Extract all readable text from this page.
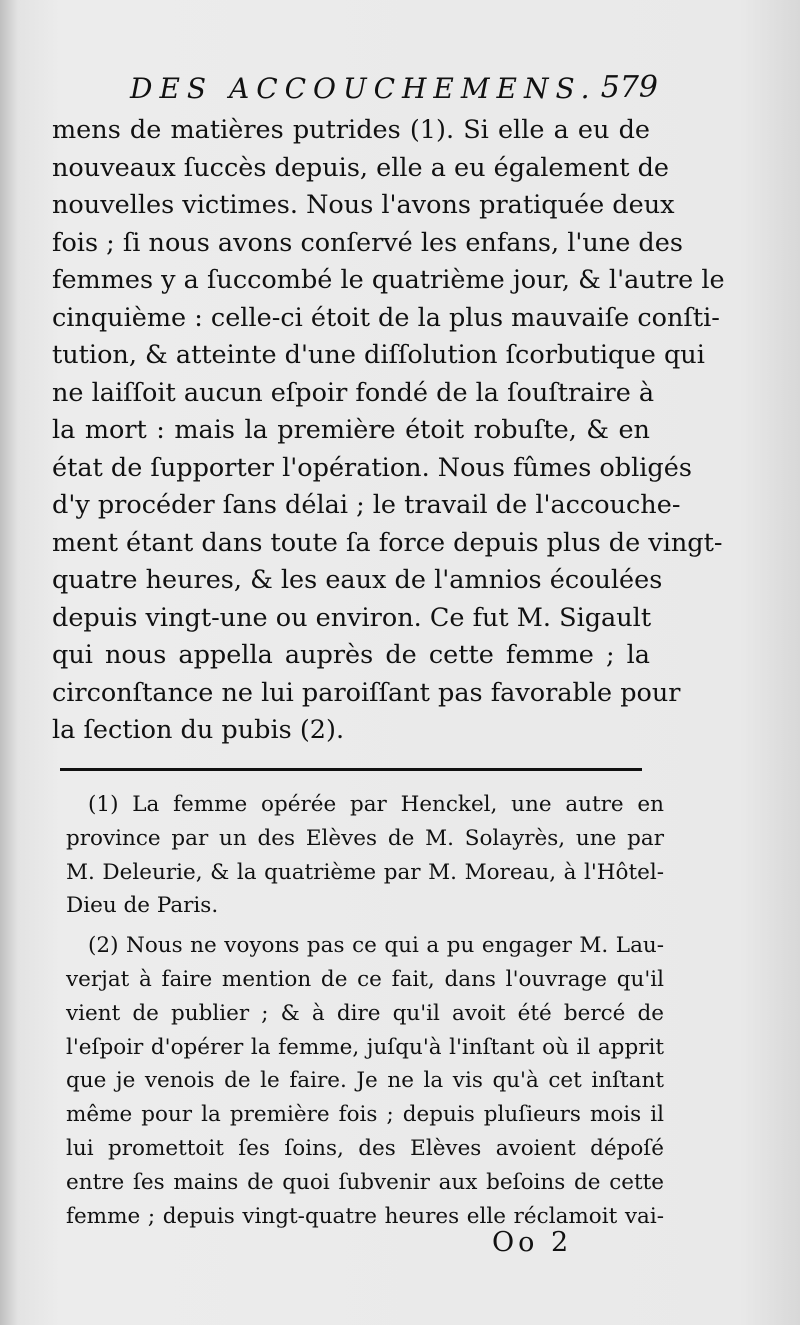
DES ACCOUCHEMENS. 579
mens de matières putrides (1). Si elle a eu de
nouveaux ſuccès depuis, elle a eu également de
nouvelles victimes. Nous l'avons pratiquée deux
fois ; ſi nous avons conſervé les enfans, l'une des
femmes y a ſuccombé le quatrième jour, & l'autre le
cinquième : celle-ci étoit de la plus mauvaiſe conſti-
tution, & atteinte d'une diſſolution ſcorbutique qui
ne laiſſoit aucun eſpoir fondé de la ſouſtraire à
la mort : mais la première étoit robuſte, & en
état de ſupporter l'opération. Nous fûmes obligés
d'y procéder ſans délai ; le travail de l'accouche-
ment étant dans toute ſa force depuis plus de vingt-
quatre heures, & les eaux de l'amnios écoulées
depuis vingt-une ou environ. Ce fut M. Sigault
qui nous appella auprès de cette femme ; la
circonſtance ne lui paroiſſant pas favorable pour
la ſection du pubis (2).
(1) La femme opérée par Henckel, une autre en
province par un des Elèves de M. Solayrès, une par
M. Deleurie, & la quatrième par M. Moreau, à l'Hôtel-
Dieu de Paris.
(2) Nous ne voyons pas ce qui a pu engager M. Lau-
verjat à faire mention de ce fait, dans l'ouvrage qu'il
vient de publier ; & à dire qu'il avoit été bercé de
l'eſpoir d'opérer la femme, juſqu'à l'inſtant où il apprit
que je venois de le faire. Je ne la vis qu'à cet inſtant
même pour la première fois ; depuis pluſieurs mois il
lui promettoit ſes ſoins, des Elèves avoient dépoſé
entre ſes mains de quoi ſubvenir aux beſoins de cette
femme ; depuis vingt-quatre heures elle réclamoit vai-
Oo 2
